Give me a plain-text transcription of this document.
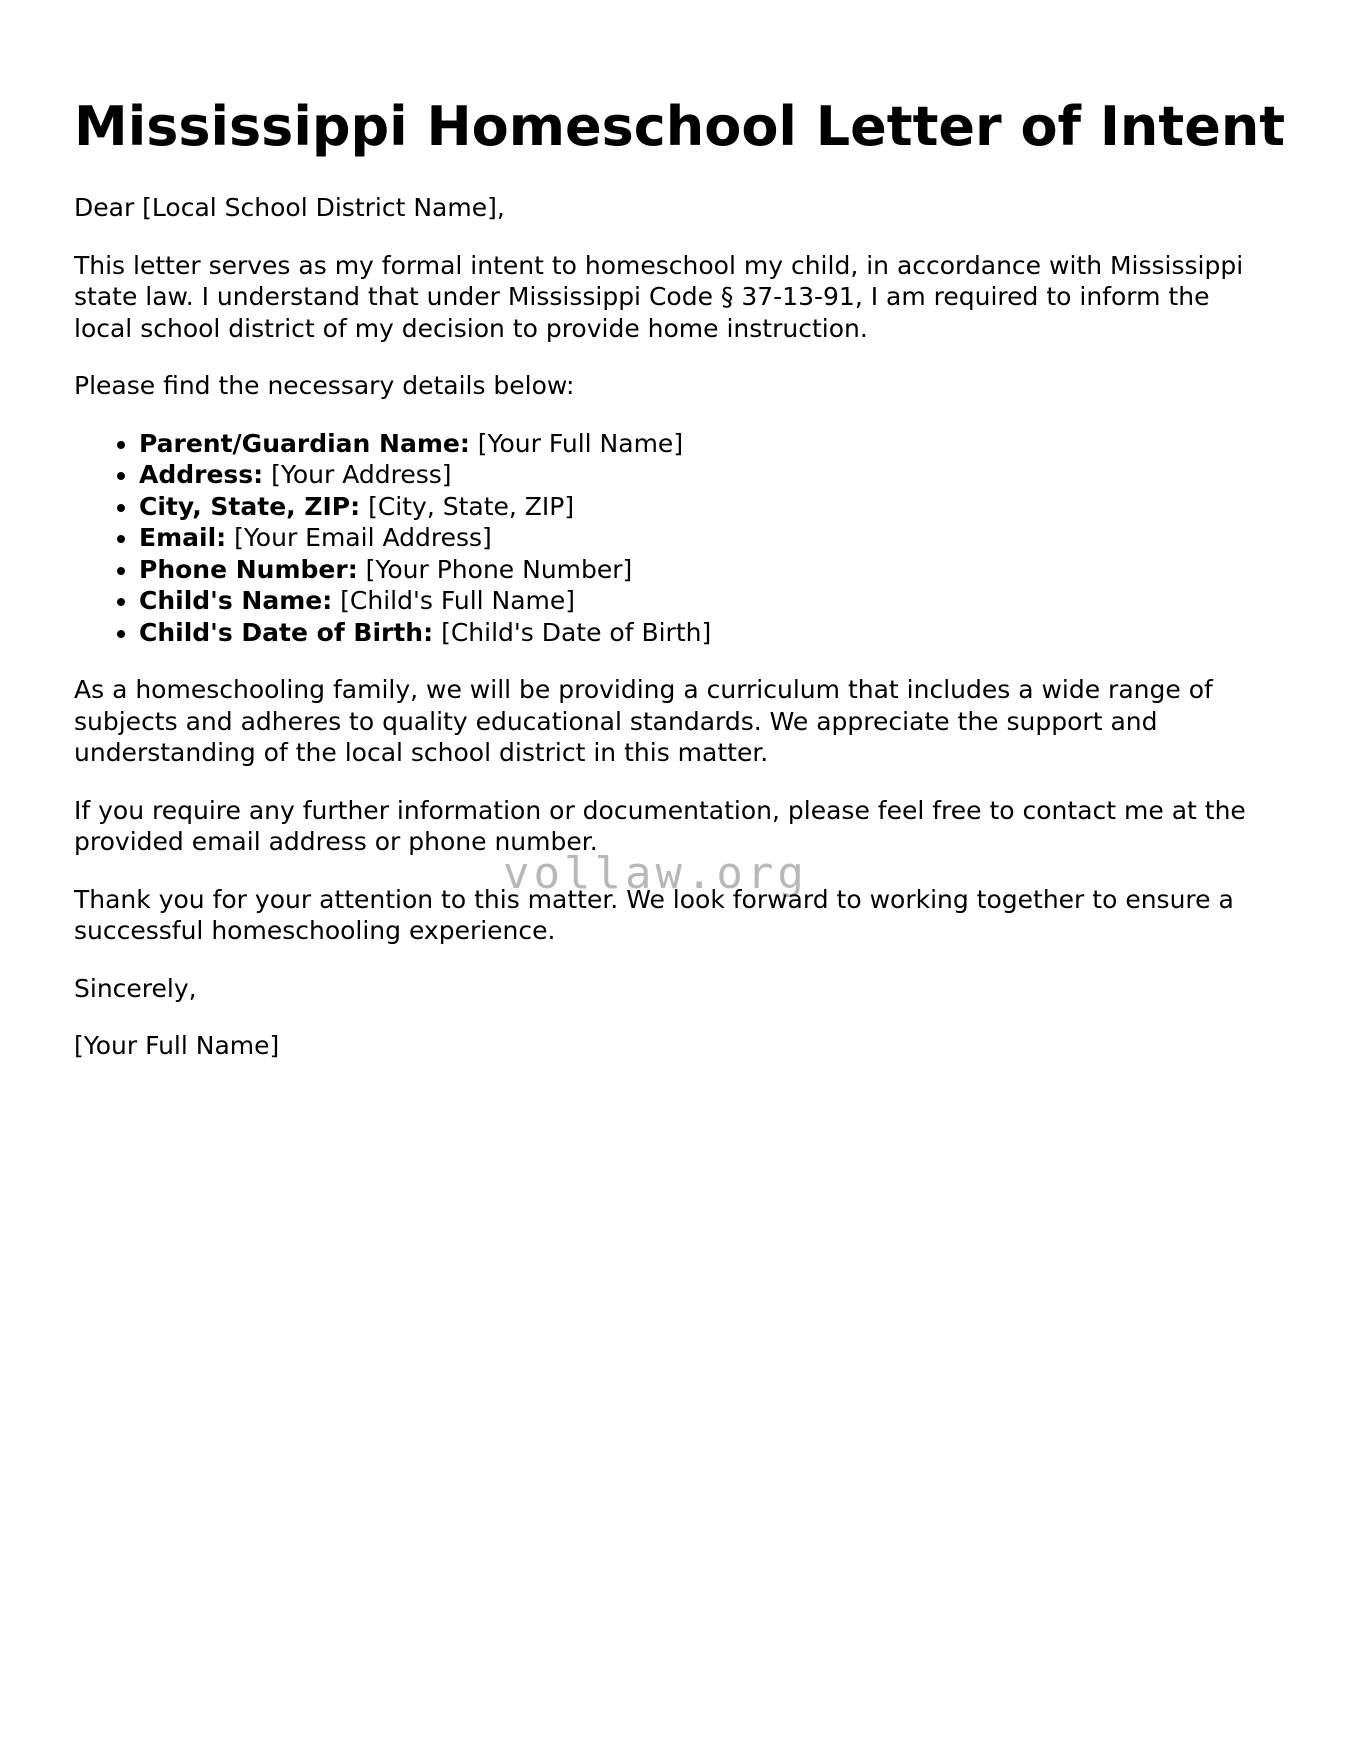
Mississippi Homeschool Letter of Intent

Dear [Local School District Name],

This letter serves as my formal intent to homeschool my child, in accordance with Mississippi state law. I understand that under Mississippi Code § 37-13-91, I am required to inform the local school district of my decision to provide home instruction.

Please find the necessary details below:

• Parent/Guardian Name: [Your Full Name]
• Address: [Your Address]
• City, State, ZIP: [City, State, ZIP]
• Email: [Your Email Address]
• Phone Number: [Your Phone Number]
• Child's Name: [Child's Full Name]
• Child's Date of Birth: [Child's Date of Birth]

As a homeschooling family, we will be providing a curriculum that includes a wide range of subjects and adheres to quality educational standards. We appreciate the support and understanding of the local school district in this matter.

If you require any further information or documentation, please feel free to contact me at the provided email address or phone number.

Thank you for your attention to this matter. We look forward to working together to ensure a successful homeschooling experience.

Sincerely,

[Your Full Name]

vollaw.org
